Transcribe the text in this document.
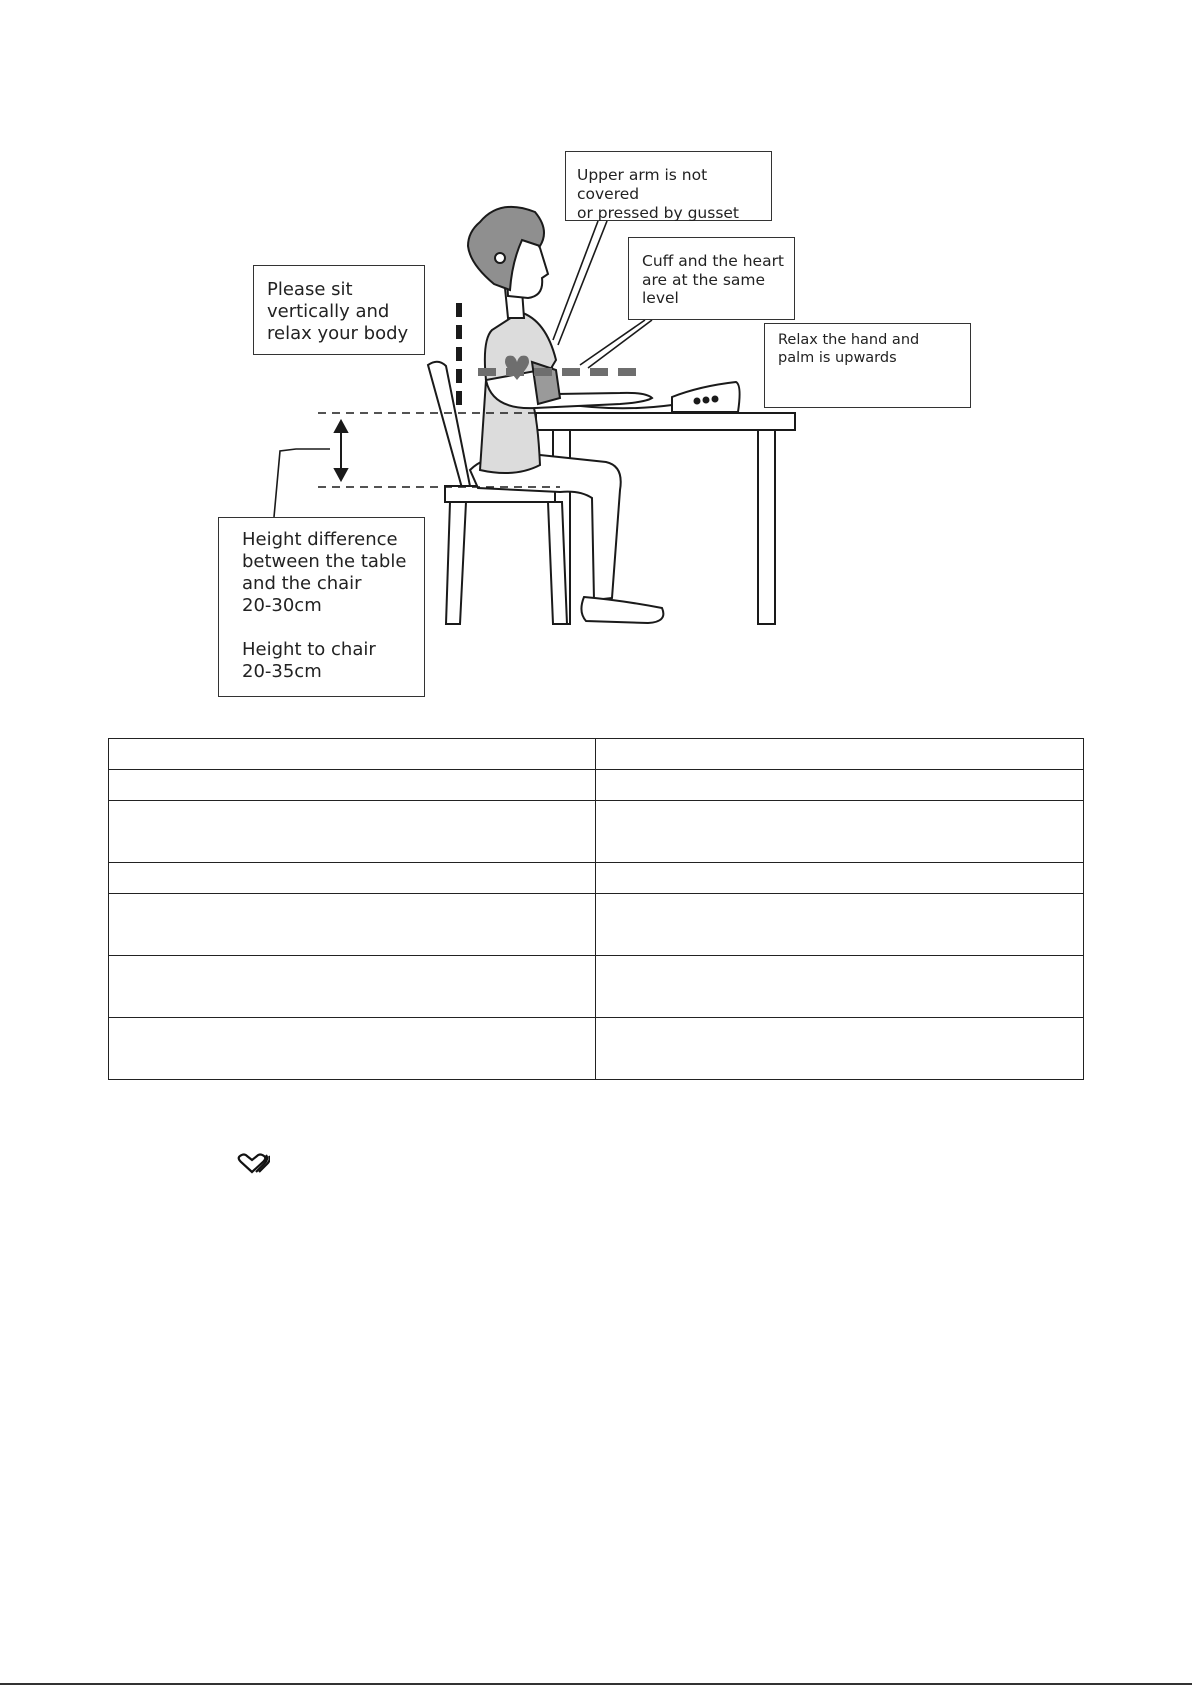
Please sit
vertically and
relax your body
Upper arm is not covered
or pressed by gusset
Cuff and the heart
are at the same
level
Relax the hand and
palm is upwards
Height difference
between the table
and the chair
20-30cm
Height to chair
20-35cm
